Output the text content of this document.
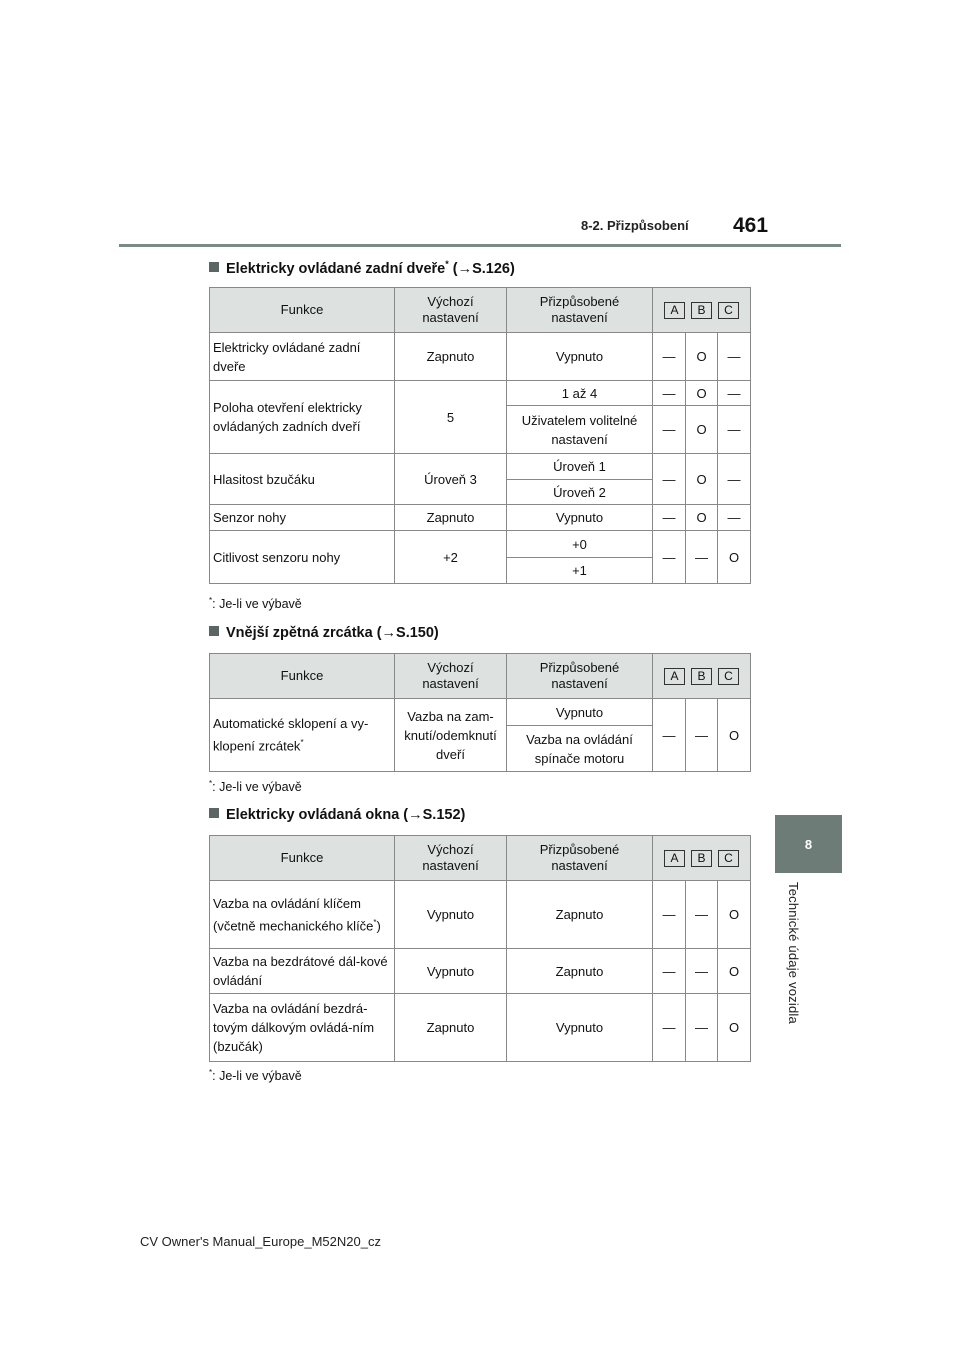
8-2. Přizpůsobení 461
8
Technické údaje vozidla
Elektricky ovládané zadní dveře* (→S.126)
Funkce	Výchozí nastavení	Přizpůsobené nastavení	A B C		
Elektricky ovládané zadní dveře	Zapnuto	Vypnuto	—	O	—
Poloha otevření elektricky ovládaných zadních dveří	5	1 až 4	—	O	—
		Uživatelem volitelné nastavení	—	O	—
Hlasitost bzučáku	Úroveň 3	Úroveň 1	—	O	—
		Úroveň 2			
Senzor nohy	Zapnuto	Vypnuto	—	O	—
Citlivost senzoru nohy	+2	+0	—	—	O
		+1			
*: Je-li ve výbavě
Vnější zpětná zrcátka (→S.150)
Funkce	Výchozí nastavení	Přizpůsobené nastavení	A B C		
Automatické sklopení a vy-klopení zrcátek*	Vazba na zam-knutí/odemknutí dveří	Vypnuto	—	—	O
		Vazba na ovládání spínače motoru			
*: Je-li ve výbavě
Elektricky ovládaná okna (→S.152)
Funkce	Výchozí nastavení	Přizpůsobené nastavení	A B C		
Vazba na ovládání klíčem (včetně mechanického klíče*)	Vypnuto	Zapnuto	—	—	O
Vazba na bezdrátové dál-kové ovládání	Vypnuto	Zapnuto	—	—	O
Vazba na ovládání bezdrá-tovým dálkovým ovládá-ním (bzučák)	Zapnuto	Vypnuto	—	—	O
*: Je-li ve výbavě
CV Owner's Manual_Europe_M52N20_cz
